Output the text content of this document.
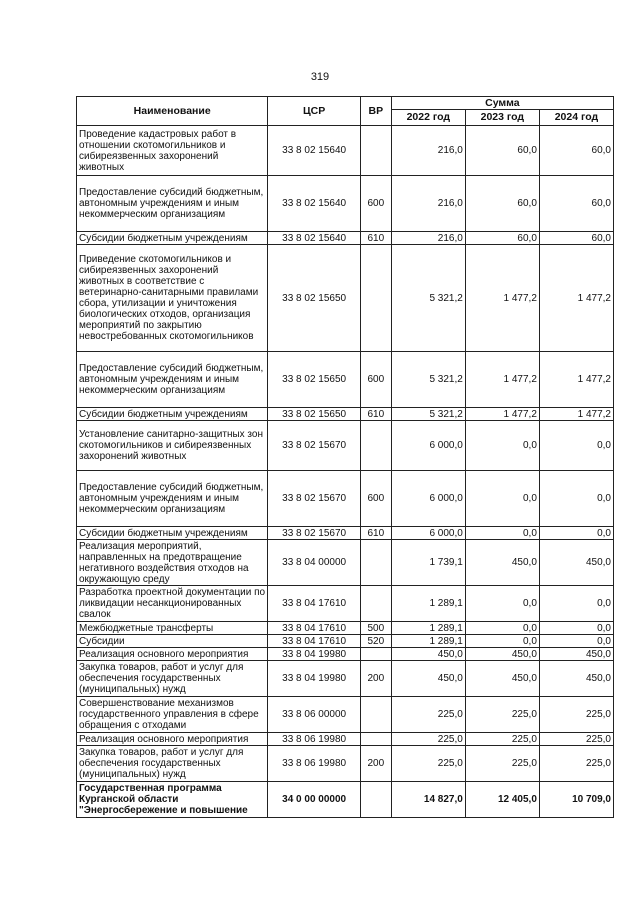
319
Наименование	ЦСР	ВР	Сумма		
			2022 год	2023 год	2024 год
Проведение кадастровых работ в отношении скотомогильников и сибиреязвенных захоронений животных	33 8 02 15640		216,0	60,0	60,0
Предоставление субсидий бюджетным, автономным учреждениям и иным некоммерческим организациям	33 8 02 15640	600	216,0	60,0	60,0
Субсидии бюджетным учреждениям	33 8 02 15640	610	216,0	60,0	60,0
Приведение скотомогильников и сибиреязвенных захоронений животных в соответствие с ветеринарно-санитарными правилами сбора, утилизации и уничтожения биологических отходов, организация мероприятий по закрытию невостребованных скотомогильников	33 8 02 15650		5 321,2	1 477,2	1 477,2
Предоставление субсидий бюджетным, автономным учреждениям и иным некоммерческим организациям	33 8 02 15650	600	5 321,2	1 477,2	1 477,2
Субсидии бюджетным учреждениям	33 8 02 15650	610	5 321,2	1 477,2	1 477,2
Установление санитарно-защитных зон скотомогильников и сибиреязвенных захоронений животных	33 8 02 15670		6 000,0	0,0	0,0
Предоставление субсидий бюджетным, автономным учреждениям и иным некоммерческим организациям	33 8 02 15670	600	6 000,0	0,0	0,0
Субсидии бюджетным учреждениям	33 8 02 15670	610	6 000,0	0,0	0,0
Реализация мероприятий, направленных на предотвращение негативного воздействия отходов на окружающую среду	33 8 04 00000		1 739,1	450,0	450,0
Разработка проектной документации по ликвидации несанкционированных свалок	33 8 04 17610		1 289,1	0,0	0,0
Межбюджетные трансферты	33 8 04 17610	500	1 289,1	0,0	0,0
Субсидии	33 8 04 17610	520	1 289,1	0,0	0,0
Реализация основного мероприятия	33 8 04 19980		450,0	450,0	450,0
Закупка товаров, работ и услуг для обеспечения государственных (муниципальных) нужд	33 8 04 19980	200	450,0	450,0	450,0
Совершенствование механизмов государственного управления в сфере обращения с отходами	33 8 06 00000		225,0	225,0	225,0
Реализация основного мероприятия	33 8 06 19980		225,0	225,0	225,0
Закупка товаров, работ и услуг для обеспечения государственных (муниципальных) нужд	33 8 06 19980	200	225,0	225,0	225,0
Государственная программа Курганской области "Энергосбережение и повышение	34 0 00 00000		14 827,0	12 405,0	10 709,0
